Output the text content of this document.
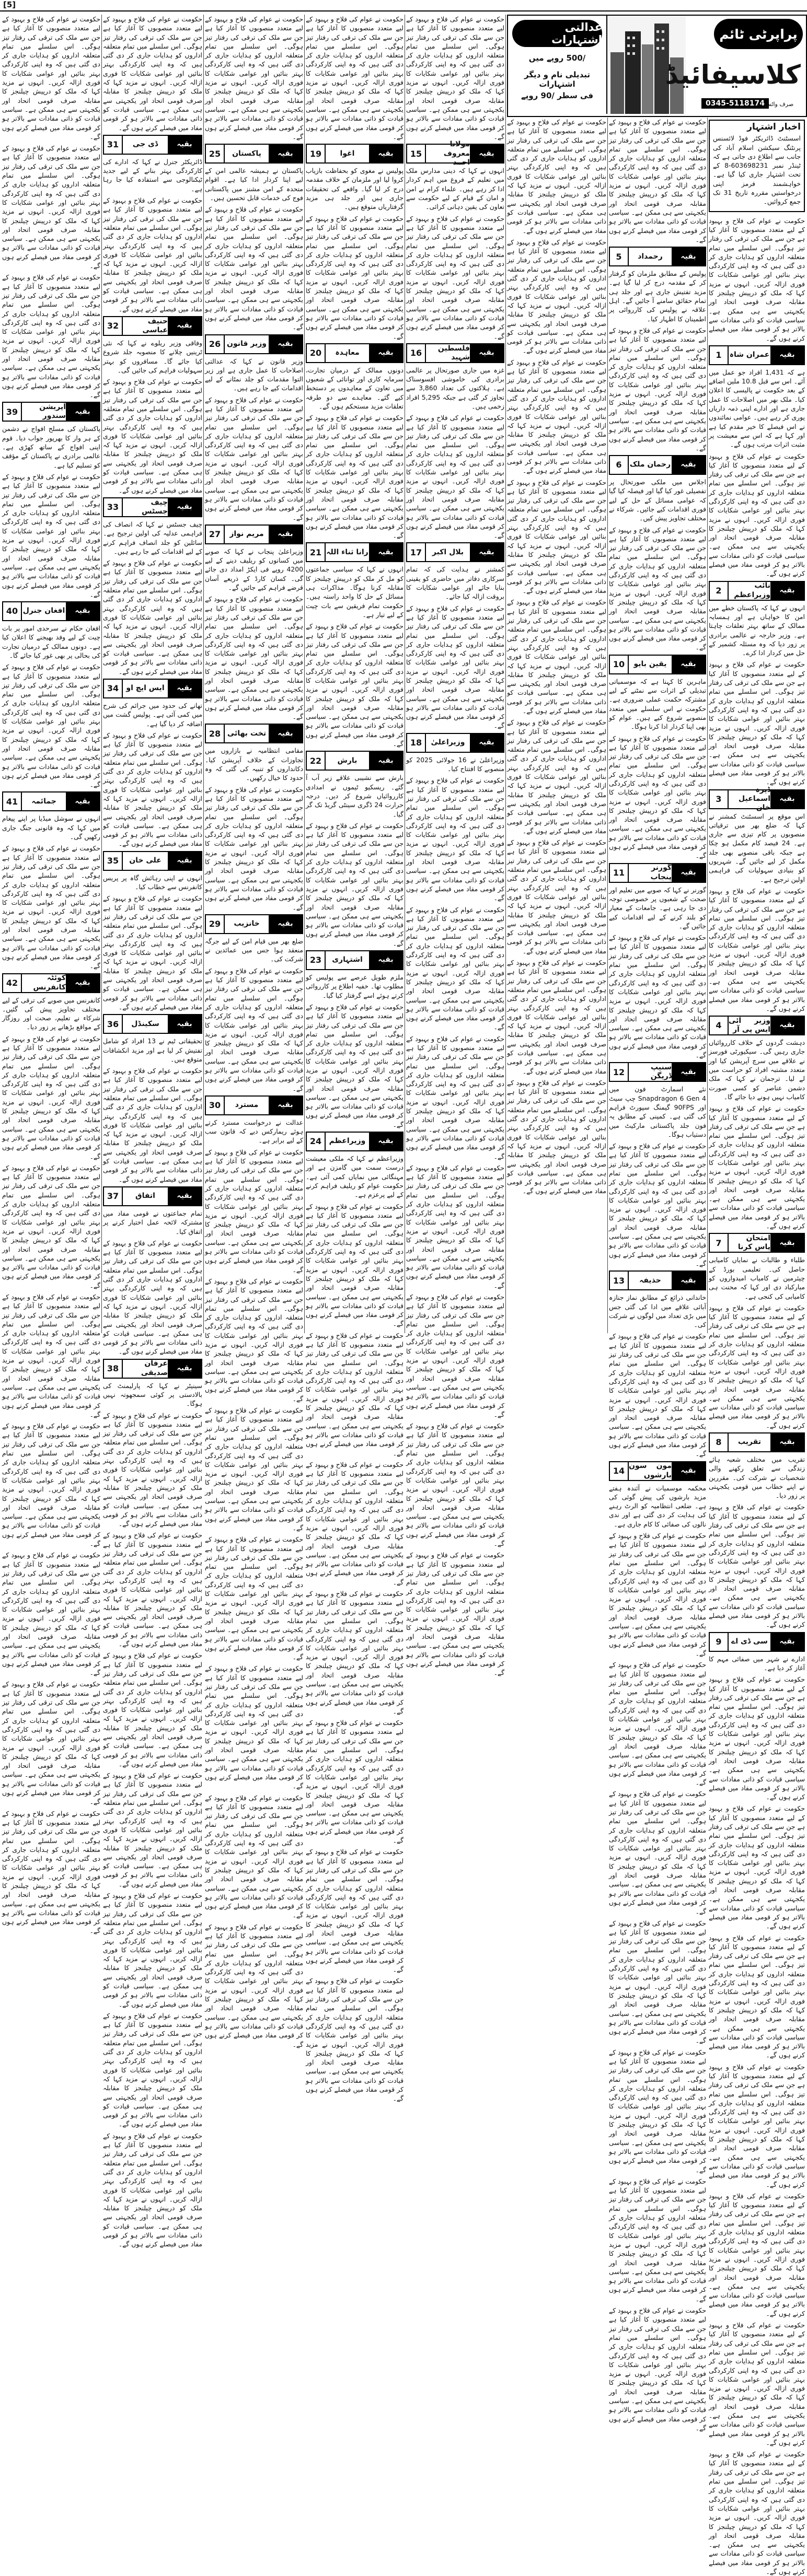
[5]
عدالتی اشتہارات
/500 روپے میں
تبدیلی نام و دیگر اشتہارات
فی سطر /90 روپے
پراپرٹی ٹائم
کلاسیفائیڈ
0345-5118174
صرف واٹس ایپ
اخبار اشتہار

اسسٹنٹ ڈائریکٹر فوڈ لائسنس پرنٹنگ سیکشن اسلام آباد کی جانب سے اطلاع دی جاتی ہے کہ ٹینڈر نمبر 603698231-8 کے تحت اشتہار جاری کیا گیا ہے۔ خواہشمند فرمز اپنی درخواستیں مقررہ تاریخ 31 تک جمع کروائیں۔

حکومت نے عوام کی فلاح و بہبود کے لیے متعدد منصوبوں کا آغاز کیا ہے جن سے ملک کی ترقی کی رفتار تیز ہوگی۔ اس سلسلے میں تمام متعلقہ اداروں کو ہدایات جاری کر دی گئی ہیں کہ وہ اپنی کارکردگی بہتر بنائیں اور عوامی شکایات کا فوری ازالہ کریں۔ انہوں نے مزید کہا کہ ملک کو درپیش چیلنجز کا مقابلہ صرف قومی اتحاد اور یکجہتی سے ہی ممکن ہے۔ سیاسی قیادت کو ذاتی مفادات سے بالاتر ہو کر قومی مفاد میں فیصلے کرنے ہوں گے۔

1	عمران شاہ	بقیہ

ہے کہ 1,431 افراد جو عمل میں آئے۔ اس سے قبل 10.8 ملین اضافے کے بعد حکومت نے پالیسی کا اعلان کیا۔ ملک بھر میں اصلاحات کا عمل جاری ہے اور ادارے اپنی ذمہ داریاں پوری کر رہے ہیں۔ عوامی نمائندوں نے اس فیصلے کا خیر مقدم کیا ہے اور کہا ہے کہ اس سے معیشت پر مثبت اثرات مرتب ہوں گے۔

حکومت نے عوام کی فلاح و بہبود کے لیے متعدد منصوبوں کا آغاز کیا ہے جن سے ملک کی ترقی کی رفتار تیز ہوگی۔ اس سلسلے میں تمام متعلقہ اداروں کو ہدایات جاری کر دی گئی ہیں کہ وہ اپنی کارکردگی بہتر بنائیں اور عوامی شکایات کا فوری ازالہ کریں۔ انہوں نے مزید کہا کہ ملک کو درپیش چیلنجز کا مقابلہ صرف قومی اتحاد اور یکجہتی سے ہی ممکن ہے۔ سیاسی قیادت کو ذاتی مفادات سے بالاتر ہو کر قومی مفاد میں فیصلے کرنے ہوں گے۔

2	نائب وزیراعظم
بقیہ

انہوں نے کہا کہ پاکستان خطے میں امن کا خواہاں ہے اور ہمسایہ ممالک کے ساتھ بہتر تعلقات چاہتا ہے۔ وزیر خارجہ نے عالمی برادری پر زور دیا کہ وہ مسئلہ کشمیر کے حل میں کردار ادا کرے۔

حکومت نے عوام کی فلاح و بہبود کے لیے متعدد منصوبوں کا آغاز کیا ہے جن سے ملک کی ترقی کی رفتار تیز ہوگی۔ اس سلسلے میں تمام متعلقہ اداروں کو ہدایات جاری کر دی گئی ہیں کہ وہ اپنی کارکردگی بہتر بنائیں اور عوامی شکایات کا فوری ازالہ کریں۔ انہوں نے مزید کہا کہ ملک کو درپیش چیلنجز کا مقابلہ صرف قومی اتحاد اور یکجہتی سے ہی ممکن ہے۔ سیاسی قیادت کو ذاتی مفادات سے بالاتر ہو کر قومی مفاد میں فیصلے کرنے ہوں گے۔

3
ڈیرہ اسماعیل خان
بقیہ

اس موقع پر اسسٹنٹ کمشنر نے کہا کہ ضلع بھر میں ترقیاتی منصوبوں پر کام تیزی سے جاری ہے۔ 24 فیصد کام مکمل ہو چکا ہے جبکہ باقی منصوبے بھی جلد مکمل کر لیے جائیں گے۔ شہریوں کو بنیادی سہولیات کی فراہمی اولین ترجیح ہے۔

حکومت نے عوام کی فلاح و بہبود کے لیے متعدد منصوبوں کا آغاز کیا ہے جن سے ملک کی ترقی کی رفتار تیز ہوگی۔ اس سلسلے میں تمام متعلقہ اداروں کو ہدایات جاری کر دی گئی ہیں کہ وہ اپنی کارکردگی بہتر بنائیں اور عوامی شکایات کا فوری ازالہ کریں۔ انہوں نے مزید کہا کہ ملک کو درپیش چیلنجز کا مقابلہ صرف قومی اتحاد اور یکجہتی سے ہی ممکن ہے۔ سیاسی قیادت کو ذاتی مفادات سے بالاتر ہو کر قومی مفاد میں فیصلے کرنے ہوں گے۔

4 وزیر آئی ایس پی آر
بقیہ

دہشت گردوں کے خلاف کارروائیاں جاری رہیں گی۔ سیکیورٹی فورسز نے علاقے میں سرچ آپریشن کیا اور متعدد مشتبہ افراد کو حراست میں لے لیا۔ ترجمان نے کہا کہ ملک دشمن عناصر کو کسی صورت کامیاب نہیں ہونے دیا جائے گا۔

حکومت نے عوام کی فلاح و بہبود کے لیے متعدد منصوبوں کا آغاز کیا ہے جن سے ملک کی ترقی کی رفتار تیز ہوگی۔ اس سلسلے میں تمام متعلقہ اداروں کو ہدایات جاری کر دی گئی ہیں کہ وہ اپنی کارکردگی بہتر بنائیں اور عوامی شکایات کا فوری ازالہ کریں۔ انہوں نے مزید کہا کہ ملک کو درپیش چیلنجز کا مقابلہ صرف قومی اتحاد اور یکجہتی سے ہی ممکن ہے۔ سیاسی قیادت کو ذاتی مفادات سے بالاتر ہو کر قومی مفاد میں فیصلے کرنے ہوں گے۔

7	امتحان پاس کرنا
بقیہ

طلباء و طالبات نے نمایاں کامیابی حاصل کی۔ تعلیمی بورڈ کے چیئرمین نے کامیاب امیدواروں کو مبارکباد دی اور کہا کہ محنت ہی کامیابی کی کنجی ہے۔

حکومت نے عوام کی فلاح و بہبود کے لیے متعدد منصوبوں کا آغاز کیا ہے جن سے ملک کی ترقی کی رفتار تیز ہوگی۔ اس سلسلے میں تمام متعلقہ اداروں کو ہدایات جاری کر دی گئی ہیں کہ وہ اپنی کارکردگی بہتر بنائیں اور عوامی شکایات کا فوری ازالہ کریں۔ انہوں نے مزید کہا کہ ملک کو درپیش چیلنجز کا مقابلہ صرف قومی اتحاد اور یکجہتی سے ہی ممکن ہے۔ سیاسی قیادت کو ذاتی مفادات سے بالاتر ہو کر قومی مفاد میں فیصلے کرنے ہوں گے۔

8	تقریب	بقیہ

تقریب میں مختلف شعبہ ہائے زندگی سے تعلق رکھنے والی شخصیات نے شرکت کی۔ مقررین نے اپنے خطاب میں قومی یکجہتی پر زور دیا۔

حکومت نے عوام کی فلاح و بہبود کے لیے متعدد منصوبوں کا آغاز کیا ہے جن سے ملک کی ترقی کی رفتار تیز ہوگی۔ اس سلسلے میں تمام متعلقہ اداروں کو ہدایات جاری کر دی گئی ہیں کہ وہ اپنی کارکردگی بہتر بنائیں اور عوامی شکایات کا فوری ازالہ کریں۔ انہوں نے مزید کہا کہ ملک کو درپیش چیلنجز کا مقابلہ صرف قومی اتحاد اور یکجہتی سے ہی ممکن ہے۔ سیاسی قیادت کو ذاتی مفادات سے بالاتر ہو کر قومی مفاد میں فیصلے کرنے ہوں گے۔

9	سی ڈی اے	بقیہ

ادارے نے شہر میں صفائی مہم کا آغاز کر دیا ہے۔

حکومت نے عوام کی فلاح و بہبود کے لیے متعدد منصوبوں کا آغاز کیا ہے جن سے ملک کی ترقی کی رفتار تیز ہوگی۔ اس سلسلے میں تمام متعلقہ اداروں کو ہدایات جاری کر دی گئی ہیں کہ وہ اپنی کارکردگی بہتر بنائیں اور عوامی شکایات کا فوری ازالہ کریں۔ انہوں نے مزید کہا کہ ملک کو درپیش چیلنجز کا مقابلہ صرف قومی اتحاد اور یکجہتی سے ہی ممکن ہے۔ سیاسی قیادت کو ذاتی مفادات سے بالاتر ہو کر قومی مفاد میں فیصلے کرنے ہوں گے۔

حکومت نے عوام کی فلاح و بہبود کے لیے متعدد منصوبوں کا آغاز کیا ہے جن سے ملک کی ترقی کی رفتار تیز ہوگی۔ اس سلسلے میں تمام متعلقہ اداروں کو ہدایات جاری کر دی گئی ہیں کہ وہ اپنی کارکردگی بہتر بنائیں اور عوامی شکایات کا فوری ازالہ کریں۔ انہوں نے مزید کہا کہ ملک کو درپیش چیلنجز کا مقابلہ صرف قومی اتحاد اور یکجہتی سے ہی ممکن ہے۔ سیاسی قیادت کو ذاتی مفادات سے بالاتر ہو کر قومی مفاد میں فیصلے کرنے ہوں گے۔

حکومت نے عوام کی فلاح و بہبود کے لیے متعدد منصوبوں کا آغاز کیا ہے جن سے ملک کی ترقی کی رفتار تیز ہوگی۔ اس سلسلے میں تمام متعلقہ اداروں کو ہدایات جاری کر دی گئی ہیں کہ وہ اپنی کارکردگی بہتر بنائیں اور عوامی شکایات کا فوری ازالہ کریں۔ انہوں نے مزید کہا کہ ملک کو درپیش چیلنجز کا مقابلہ صرف قومی اتحاد اور یکجہتی سے ہی ممکن ہے۔ سیاسی قیادت کو ذاتی مفادات سے بالاتر ہو کر قومی مفاد میں فیصلے کرنے ہوں گے۔

حکومت نے عوام کی فلاح و بہبود کے لیے متعدد منصوبوں کا آغاز کیا ہے جن سے ملک کی ترقی کی رفتار تیز ہوگی۔ اس سلسلے میں تمام متعلقہ اداروں کو ہدایات جاری کر دی گئی ہیں کہ وہ اپنی کارکردگی بہتر بنائیں اور عوامی شکایات کا فوری ازالہ کریں۔ انہوں نے مزید کہا کہ ملک کو درپیش چیلنجز کا مقابلہ صرف قومی اتحاد اور یکجہتی سے ہی ممکن ہے۔ سیاسی قیادت کو ذاتی مفادات سے بالاتر ہو کر قومی مفاد میں فیصلے کرنے ہوں گے۔

حکومت نے عوام کی فلاح و بہبود کے لیے متعدد منصوبوں کا آغاز کیا ہے جن سے ملک کی ترقی کی رفتار تیز ہوگی۔ اس سلسلے میں تمام متعلقہ اداروں کو ہدایات جاری کر دی گئی ہیں کہ وہ اپنی کارکردگی بہتر بنائیں اور عوامی شکایات کا فوری ازالہ کریں۔ انہوں نے مزید کہا کہ ملک کو درپیش چیلنجز کا مقابلہ صرف قومی اتحاد اور یکجہتی سے ہی ممکن ہے۔ سیاسی قیادت کو ذاتی مفادات سے بالاتر ہو کر قومی مفاد میں فیصلے کرنے ہوں گے۔

حکومت نے عوام کی فلاح و بہبود کے لیے متعدد منصوبوں کا آغاز کیا ہے جن سے ملک کی ترقی کی رفتار تیز ہوگی۔ اس سلسلے میں تمام متعلقہ اداروں کو ہدایات جاری کر دی گئی ہیں کہ وہ اپنی کارکردگی بہتر بنائیں اور عوامی شکایات کا فوری ازالہ کریں۔ انہوں نے مزید کہا کہ ملک کو درپیش چیلنجز کا مقابلہ صرف قومی اتحاد اور یکجہتی سے ہی ممکن ہے۔ سیاسی قیادت کو ذاتی مفادات سے بالاتر ہو کر قومی مفاد میں فیصلے کرنے ہوں گے۔

حکومت نے عوام کی فلاح و بہبود کے لیے متعدد منصوبوں کا آغاز کیا ہے جن سے ملک کی ترقی کی رفتار تیز ہوگی۔ اس سلسلے میں تمام متعلقہ اداروں کو ہدایات جاری کر دی گئی ہیں کہ وہ اپنی کارکردگی بہتر بنائیں اور عوامی شکایات کا فوری ازالہ کریں۔ انہوں نے مزید کہا کہ ملک کو درپیش چیلنجز کا مقابلہ صرف قومی اتحاد اور یکجہتی سے ہی ممکن ہے۔ سیاسی قیادت کو ذاتی مفادات سے بالاتر ہو کر قومی مفاد میں فیصلے کرنے ہوں گے۔

حکومت نے عوام کی فلاح و بہبود کے لیے متعدد منصوبوں کا آغاز کیا ہے جن سے ملک کی ترقی کی رفتار تیز ہوگی۔ اس سلسلے میں تمام متعلقہ اداروں کو ہدایات جاری کر دی گئی ہیں کہ وہ اپنی کارکردگی بہتر بنائیں اور عوامی شکایات کا فوری ازالہ کریں۔ انہوں نے مزید کہا کہ ملک کو درپیش چیلنجز کا مقابلہ صرف قومی اتحاد اور یکجہتی سے ہی ممکن ہے۔ سیاسی قیادت کو ذاتی مفادات سے بالاتر ہو کر قومی مفاد میں فیصلے کرنے ہوں گے۔

5	رحمداد	بقیہ

پولیس کے مطابق ملزمان کو گرفتار کر کے مقدمہ درج کر لیا گیا ہے۔ مزید تفتیش جاری ہے اور جلد ہی تمام حقائق سامنے آ جائیں گے۔ اہل علاقہ نے پولیس کی کارروائی پر اطمینان کا اظہار کیا۔

حکومت نے عوام کی فلاح و بہبود کے لیے متعدد منصوبوں کا آغاز کیا ہے جن سے ملک کی ترقی کی رفتار تیز ہوگی۔ اس سلسلے میں تمام متعلقہ اداروں کو ہدایات جاری کر دی گئی ہیں کہ وہ اپنی کارکردگی بہتر بنائیں اور عوامی شکایات کا فوری ازالہ کریں۔ انہوں نے مزید کہا کہ ملک کو درپیش چیلنجز کا مقابلہ صرف قومی اتحاد اور یکجہتی سے ہی ممکن ہے۔ سیاسی قیادت کو ذاتی مفادات سے بالاتر ہو کر قومی مفاد میں فیصلے کرنے ہوں گے۔

6	رحمان ملک	بقیہ

اجلاس میں ملکی صورتحال پر تفصیلی غور کیا گیا اور فیصلہ کیا گیا کہ عوامی مسائل کے حل کے لیے فوری اقدامات کیے جائیں۔ شرکاء نے مختلف تجاویز پیش کیں۔

حکومت نے عوام کی فلاح و بہبود کے لیے متعدد منصوبوں کا آغاز کیا ہے جن سے ملک کی ترقی کی رفتار تیز ہوگی۔ اس سلسلے میں تمام متعلقہ اداروں کو ہدایات جاری کر دی گئی ہیں کہ وہ اپنی کارکردگی بہتر بنائیں اور عوامی شکایات کا فوری ازالہ کریں۔ انہوں نے مزید کہا کہ ملک کو درپیش چیلنجز کا مقابلہ صرف قومی اتحاد اور یکجہتی سے ہی ممکن ہے۔ سیاسی قیادت کو ذاتی مفادات سے بالاتر ہو کر قومی مفاد میں فیصلے کرنے ہوں گے۔

10	یقین بایو	بقیہ

ماہرین کا کہنا ہے کہ موسمیاتی تبدیلی کے اثرات سے نمٹنے کے لیے مشترکہ حکمت عملی ضروری ہے۔ حکومت نے اس سلسلے میں متعدد منصوبے شروع کیے ہیں۔ عوام کو بھی اپنا کردار ادا کرنا ہوگا۔

حکومت نے عوام کی فلاح و بہبود کے لیے متعدد منصوبوں کا آغاز کیا ہے جن سے ملک کی ترقی کی رفتار تیز ہوگی۔ اس سلسلے میں تمام متعلقہ اداروں کو ہدایات جاری کر دی گئی ہیں کہ وہ اپنی کارکردگی بہتر بنائیں اور عوامی شکایات کا فوری ازالہ کریں۔ انہوں نے مزید کہا کہ ملک کو درپیش چیلنجز کا مقابلہ صرف قومی اتحاد اور یکجہتی سے ہی ممکن ہے۔ سیاسی قیادت کو ذاتی مفادات سے بالاتر ہو کر قومی مفاد میں فیصلے کرنے ہوں گے۔

11	گورنر پنجاب
بقیہ

گورنر نے کہا کہ صوبے میں تعلیم اور صحت کے شعبوں پر خصوصی توجہ دی جا رہی ہے۔ جامعات کے معیار کو بلند کرنے کے لیے اقدامات کیے جائیں گے۔

حکومت نے عوام کی فلاح و بہبود کے لیے متعدد منصوبوں کا آغاز کیا ہے جن سے ملک کی ترقی کی رفتار تیز ہوگی۔ اس سلسلے میں تمام متعلقہ اداروں کو ہدایات جاری کر دی گئی ہیں کہ وہ اپنی کارکردگی بہتر بنائیں اور عوامی شکایات کا فوری ازالہ کریں۔ انہوں نے مزید کہا کہ ملک کو درپیش چیلنجز کا مقابلہ صرف قومی اتحاد اور یکجہتی سے ہی ممکن ہے۔ سیاسی قیادت کو ذاتی مفادات سے بالاتر ہو کر قومی مفاد میں فیصلے کرنے ہوں گے۔

12	سنیپ ڈریگن
بقیہ

نئے اسمارٹ فون میں Snapdragon 6 Gen 4 چپ سیٹ اور 90FPS گیمنگ سپورٹ فراہم کی گئی ہے۔ کمپنی کے مطابق یہ فون جلد پاکستانی مارکیٹ میں دستیاب ہوگا۔

حکومت نے عوام کی فلاح و بہبود کے لیے متعدد منصوبوں کا آغاز کیا ہے جن سے ملک کی ترقی کی رفتار تیز ہوگی۔ اس سلسلے میں تمام متعلقہ اداروں کو ہدایات جاری کر دی گئی ہیں کہ وہ اپنی کارکردگی بہتر بنائیں اور عوامی شکایات کا فوری ازالہ کریں۔ انہوں نے مزید کہا کہ ملک کو درپیش چیلنجز کا مقابلہ صرف قومی اتحاد اور یکجہتی سے ہی ممکن ہے۔ سیاسی قیادت کو ذاتی مفادات سے بالاتر ہو کر قومی مفاد میں فیصلے کرنے ہوں گے۔

13	حذیفہ	بقیہ

خاندانی ذرائع کے مطابق نماز جنازہ آبائی علاقے میں ادا کی گئی جس میں بڑی تعداد میں لوگوں نے شرکت کی۔

حکومت نے عوام کی فلاح و بہبود کے لیے متعدد منصوبوں کا آغاز کیا ہے جن سے ملک کی ترقی کی رفتار تیز ہوگی۔ اس سلسلے میں تمام متعلقہ اداروں کو ہدایات جاری کر دی گئی ہیں کہ وہ اپنی کارکردگی بہتر بنائیں اور عوامی شکایات کا فوری ازالہ کریں۔ انہوں نے مزید کہا کہ ملک کو درپیش چیلنجز کا مقابلہ صرف قومی اتحاد اور یکجہتی سے ہی ممکن ہے۔ سیاسی قیادت کو ذاتی مفادات سے بالاتر ہو کر قومی مفاد میں فیصلے کرنے ہوں گے۔

14 مون سون بارشوں
بقیہ

محکمہ موسمیات نے آئندہ ہفتے مزید بارشوں کی پیش گوئی کی ہے۔ ضلعی انتظامیہ کو الرٹ رہنے کی ہدایت کر دی گئی ہے اور ندی نالوں کی صفائی کا کام جاری ہے۔

حکومت نے عوام کی فلاح و بہبود کے لیے متعدد منصوبوں کا آغاز کیا ہے جن سے ملک کی ترقی کی رفتار تیز ہوگی۔ اس سلسلے میں تمام متعلقہ اداروں کو ہدایات جاری کر دی گئی ہیں کہ وہ اپنی کارکردگی بہتر بنائیں اور عوامی شکایات کا فوری ازالہ کریں۔ انہوں نے مزید کہا کہ ملک کو درپیش چیلنجز کا مقابلہ صرف قومی اتحاد اور یکجہتی سے ہی ممکن ہے۔ سیاسی قیادت کو ذاتی مفادات سے بالاتر ہو کر قومی مفاد میں فیصلے کرنے ہوں گے۔

حکومت نے عوام کی فلاح و بہبود کے لیے متعدد منصوبوں کا آغاز کیا ہے جن سے ملک کی ترقی کی رفتار تیز ہوگی۔ اس سلسلے میں تمام متعلقہ اداروں کو ہدایات جاری کر دی گئی ہیں کہ وہ اپنی کارکردگی بہتر بنائیں اور عوامی شکایات کا فوری ازالہ کریں۔ انہوں نے مزید کہا کہ ملک کو درپیش چیلنجز کا مقابلہ صرف قومی اتحاد اور یکجہتی سے ہی ممکن ہے۔ سیاسی قیادت کو ذاتی مفادات سے بالاتر ہو کر قومی مفاد میں فیصلے کرنے ہوں گے۔

حکومت نے عوام کی فلاح و بہبود کے لیے متعدد منصوبوں کا آغاز کیا ہے جن سے ملک کی ترقی کی رفتار تیز ہوگی۔ اس سلسلے میں تمام متعلقہ اداروں کو ہدایات جاری کر دی گئی ہیں کہ وہ اپنی کارکردگی بہتر بنائیں اور عوامی شکایات کا فوری ازالہ کریں۔ انہوں نے مزید کہا کہ ملک کو درپیش چیلنجز کا مقابلہ صرف قومی اتحاد اور یکجہتی سے ہی ممکن ہے۔ سیاسی قیادت کو ذاتی مفادات سے بالاتر ہو کر قومی مفاد میں فیصلے کرنے ہوں گے۔

حکومت نے عوام کی فلاح و بہبود کے لیے متعدد منصوبوں کا آغاز کیا ہے جن سے ملک کی ترقی کی رفتار تیز ہوگی۔ اس سلسلے میں تمام متعلقہ اداروں کو ہدایات جاری کر دی گئی ہیں کہ وہ اپنی کارکردگی بہتر بنائیں اور عوامی شکایات کا فوری ازالہ کریں۔ انہوں نے مزید کہا کہ ملک کو درپیش چیلنجز کا مقابلہ صرف قومی اتحاد اور یکجہتی سے ہی ممکن ہے۔ سیاسی قیادت کو ذاتی مفادات سے بالاتر ہو کر قومی مفاد میں فیصلے کرنے ہوں گے۔

حکومت نے عوام کی فلاح و بہبود کے لیے متعدد منصوبوں کا آغاز کیا ہے جن سے ملک کی ترقی کی رفتار تیز ہوگی۔ اس سلسلے میں تمام متعلقہ اداروں کو ہدایات جاری کر دی گئی ہیں کہ وہ اپنی کارکردگی بہتر بنائیں اور عوامی شکایات کا فوری ازالہ کریں۔ انہوں نے مزید کہا کہ ملک کو درپیش چیلنجز کا مقابلہ صرف قومی اتحاد اور یکجہتی سے ہی ممکن ہے۔ سیاسی قیادت کو ذاتی مفادات سے بالاتر ہو کر قومی مفاد میں فیصلے کرنے ہوں گے۔

حکومت نے عوام کی فلاح و بہبود کے لیے متعدد منصوبوں کا آغاز کیا ہے جن سے ملک کی ترقی کی رفتار تیز ہوگی۔ اس سلسلے میں تمام متعلقہ اداروں کو ہدایات جاری کر دی گئی ہیں کہ وہ اپنی کارکردگی بہتر بنائیں اور عوامی شکایات کا فوری ازالہ کریں۔ انہوں نے مزید کہا کہ ملک کو درپیش چیلنجز کا مقابلہ صرف قومی اتحاد اور یکجہتی سے ہی ممکن ہے۔ سیاسی قیادت کو ذاتی مفادات سے بالاتر ہو کر قومی مفاد میں فیصلے کرنے ہوں گے۔

حکومت نے عوام کی فلاح و بہبود کے لیے متعدد منصوبوں کا آغاز کیا ہے جن سے ملک کی ترقی کی رفتار تیز ہوگی۔ اس سلسلے میں تمام متعلقہ اداروں کو ہدایات جاری کر دی گئی ہیں کہ وہ اپنی کارکردگی بہتر بنائیں اور عوامی شکایات کا فوری ازالہ کریں۔ انہوں نے مزید کہا کہ ملک کو درپیش چیلنجز کا مقابلہ صرف قومی اتحاد اور یکجہتی سے ہی ممکن ہے۔ سیاسی قیادت کو ذاتی مفادات سے بالاتر ہو کر قومی مفاد میں فیصلے کرنے ہوں گے۔

حکومت نے عوام کی فلاح و بہبود کے لیے متعدد منصوبوں کا آغاز کیا ہے جن سے ملک کی ترقی کی رفتار تیز ہوگی۔ اس سلسلے میں تمام متعلقہ اداروں کو ہدایات جاری کر دی گئی ہیں کہ وہ اپنی کارکردگی بہتر بنائیں اور عوامی شکایات کا فوری ازالہ کریں۔ انہوں نے مزید کہا کہ ملک کو درپیش چیلنجز کا مقابلہ صرف قومی اتحاد اور یکجہتی سے ہی ممکن ہے۔ سیاسی قیادت کو ذاتی مفادات سے بالاتر ہو کر قومی مفاد میں فیصلے کرنے ہوں گے۔

حکومت نے عوام کی فلاح و بہبود کے لیے متعدد منصوبوں کا آغاز کیا ہے جن سے ملک کی ترقی کی رفتار تیز ہوگی۔ اس سلسلے میں تمام متعلقہ اداروں کو ہدایات جاری کر دی گئی ہیں کہ وہ اپنی کارکردگی بہتر بنائیں اور عوامی شکایات کا فوری ازالہ کریں۔ انہوں نے مزید کہا کہ ملک کو درپیش چیلنجز کا مقابلہ صرف قومی اتحاد اور یکجہتی سے ہی ممکن ہے۔ سیاسی قیادت کو ذاتی مفادات سے بالاتر ہو کر قومی مفاد میں فیصلے کرنے ہوں گے۔

حکومت نے عوام کی فلاح و بہبود کے لیے متعدد منصوبوں کا آغاز کیا ہے جن سے ملک کی ترقی کی رفتار تیز ہوگی۔ اس سلسلے میں تمام متعلقہ اداروں کو ہدایات جاری کر دی گئی ہیں کہ وہ اپنی کارکردگی بہتر بنائیں اور عوامی شکایات کا فوری ازالہ کریں۔ انہوں نے مزید کہا کہ ملک کو درپیش چیلنجز کا مقابلہ صرف قومی اتحاد اور یکجہتی سے ہی ممکن ہے۔ سیاسی قیادت کو ذاتی مفادات سے بالاتر ہو کر قومی مفاد میں فیصلے کرنے ہوں گے۔

حکومت نے عوام کی فلاح و بہبود کے لیے متعدد منصوبوں کا آغاز کیا ہے جن سے ملک کی ترقی کی رفتار تیز ہوگی۔ اس سلسلے میں تمام متعلقہ اداروں کو ہدایات جاری کر دی گئی ہیں کہ وہ اپنی کارکردگی بہتر بنائیں اور عوامی شکایات کا فوری ازالہ کریں۔ انہوں نے مزید کہا کہ ملک کو درپیش چیلنجز کا مقابلہ صرف قومی اتحاد اور یکجہتی سے ہی ممکن ہے۔ سیاسی قیادت کو ذاتی مفادات سے بالاتر ہو کر قومی مفاد میں فیصلے کرنے ہوں گے۔

حکومت نے عوام کی فلاح و بہبود کے لیے متعدد منصوبوں کا آغاز کیا ہے جن سے ملک کی ترقی کی رفتار تیز ہوگی۔ اس سلسلے میں تمام متعلقہ اداروں کو ہدایات جاری کر دی گئی ہیں کہ وہ اپنی کارکردگی بہتر بنائیں اور عوامی شکایات کا فوری ازالہ کریں۔ انہوں نے مزید کہا کہ ملک کو درپیش چیلنجز کا مقابلہ صرف قومی اتحاد اور یکجہتی سے ہی ممکن ہے۔ سیاسی قیادت کو ذاتی مفادات سے بالاتر ہو کر قومی مفاد میں فیصلے کرنے ہوں گے۔

حکومت نے عوام کی فلاح و بہبود کے لیے متعدد منصوبوں کا آغاز کیا ہے جن سے ملک کی ترقی کی رفتار تیز ہوگی۔ اس سلسلے میں تمام متعلقہ اداروں کو ہدایات جاری کر دی گئی ہیں کہ وہ اپنی کارکردگی بہتر بنائیں اور عوامی شکایات کا فوری ازالہ کریں۔ انہوں نے مزید کہا کہ ملک کو درپیش چیلنجز کا مقابلہ صرف قومی اتحاد اور یکجہتی سے ہی ممکن ہے۔ سیاسی قیادت کو ذاتی مفادات سے بالاتر ہو کر قومی مفاد میں فیصلے کرنے ہوں گے۔

حکومت نے عوام کی فلاح و بہبود کے لیے متعدد منصوبوں کا آغاز کیا ہے جن سے ملک کی ترقی کی رفتار تیز ہوگی۔ اس سلسلے میں تمام متعلقہ اداروں کو ہدایات جاری کر دی گئی ہیں کہ وہ اپنی کارکردگی بہتر بنائیں اور عوامی شکایات کا فوری ازالہ کریں۔ انہوں نے مزید کہا کہ ملک کو درپیش چیلنجز کا مقابلہ صرف قومی اتحاد اور یکجہتی سے ہی ممکن ہے۔ سیاسی قیادت کو ذاتی مفادات سے بالاتر ہو کر قومی مفاد میں فیصلے کرنے ہوں گے۔

حکومت نے عوام کی فلاح و بہبود کے لیے متعدد منصوبوں کا آغاز کیا ہے جن سے ملک کی ترقی کی رفتار تیز ہوگی۔ اس سلسلے میں تمام متعلقہ اداروں کو ہدایات جاری کر دی گئی ہیں کہ وہ اپنی کارکردگی بہتر بنائیں اور عوامی شکایات کا فوری ازالہ کریں۔ انہوں نے مزید کہا کہ ملک کو درپیش چیلنجز کا مقابلہ صرف قومی اتحاد اور یکجہتی سے ہی ممکن ہے۔ سیاسی قیادت کو ذاتی مفادات سے بالاتر ہو کر قومی مفاد میں فیصلے کرنے ہوں گے۔

حکومت نے عوام کی فلاح و بہبود کے لیے متعدد منصوبوں کا آغاز کیا ہے جن سے ملک کی ترقی کی رفتار تیز ہوگی۔ اس سلسلے میں تمام متعلقہ اداروں کو ہدایات جاری کر دی گئی ہیں کہ وہ اپنی کارکردگی بہتر بنائیں اور عوامی شکایات کا فوری ازالہ کریں۔ انہوں نے مزید کہا کہ ملک کو درپیش چیلنجز کا مقابلہ صرف قومی اتحاد اور یکجہتی سے ہی ممکن ہے۔ سیاسی قیادت کو ذاتی مفادات سے بالاتر ہو کر قومی مفاد میں فیصلے کرنے ہوں گے۔

حکومت نے عوام کی فلاح و بہبود کے لیے متعدد منصوبوں کا آغاز کیا ہے جن سے ملک کی ترقی کی رفتار تیز ہوگی۔ اس سلسلے میں تمام متعلقہ اداروں کو ہدایات جاری کر دی گئی ہیں کہ وہ اپنی کارکردگی بہتر بنائیں اور عوامی شکایات کا فوری ازالہ کریں۔ انہوں نے مزید کہا کہ ملک کو درپیش چیلنجز کا مقابلہ صرف قومی اتحاد اور یکجہتی سے ہی ممکن ہے۔ سیاسی قیادت کو ذاتی مفادات سے بالاتر ہو کر قومی مفاد میں فیصلے کرنے ہوں گے۔

15
مولانا معروف احمد
بقیہ

انہوں نے کہا کہ دینی مدارس ملک میں تعلیم کے فروغ میں اہم کردار ادا کر رہے ہیں۔ علماء کرام نے امن و امان کے قیام کے لیے حکومت سے تعاون کی یقین دہانی کرائی۔

حکومت نے عوام کی فلاح و بہبود کے لیے متعدد منصوبوں کا آغاز کیا ہے جن سے ملک کی ترقی کی رفتار تیز ہوگی۔ اس سلسلے میں تمام متعلقہ اداروں کو ہدایات جاری کر دی گئی ہیں کہ وہ اپنی کارکردگی بہتر بنائیں اور عوامی شکایات کا فوری ازالہ کریں۔ انہوں نے مزید کہا کہ ملک کو درپیش چیلنجز کا مقابلہ صرف قومی اتحاد اور یکجہتی سے ہی ممکن ہے۔ سیاسی قیادت کو ذاتی مفادات سے بالاتر ہو کر قومی مفاد میں فیصلے کرنے ہوں گے۔

16	فلسطین شہید
بقیہ

غزہ میں جاری صورتحال پر عالمی برادری کی خاموشی افسوسناک ہے۔ ہلاکتوں کی تعداد 3,860 سے تجاوز کر گئی ہے جبکہ 5,295 افراد زخمی ہیں۔

حکومت نے عوام کی فلاح و بہبود کے لیے متعدد منصوبوں کا آغاز کیا ہے جن سے ملک کی ترقی کی رفتار تیز ہوگی۔ اس سلسلے میں تمام متعلقہ اداروں کو ہدایات جاری کر دی گئی ہیں کہ وہ اپنی کارکردگی بہتر بنائیں اور عوامی شکایات کا فوری ازالہ کریں۔ انہوں نے مزید کہا کہ ملک کو درپیش چیلنجز کا مقابلہ صرف قومی اتحاد اور یکجہتی سے ہی ممکن ہے۔ سیاسی قیادت کو ذاتی مفادات سے بالاتر ہو کر قومی مفاد میں فیصلے کرنے ہوں گے۔

17	بلال اکبر	بقیہ

کمشنر نے ہدایت کی کہ تمام سرکاری دفاتر میں حاضری کو یقینی بنایا جائے اور عوامی شکایات کا بروقت ازالہ کیا جائے۔

حکومت نے عوام کی فلاح و بہبود کے لیے متعدد منصوبوں کا آغاز کیا ہے جن سے ملک کی ترقی کی رفتار تیز ہوگی۔ اس سلسلے میں تمام متعلقہ اداروں کو ہدایات جاری کر دی گئی ہیں کہ وہ اپنی کارکردگی بہتر بنائیں اور عوامی شکایات کا فوری ازالہ کریں۔ انہوں نے مزید کہا کہ ملک کو درپیش چیلنجز کا مقابلہ صرف قومی اتحاد اور یکجہتی سے ہی ممکن ہے۔ سیاسی قیادت کو ذاتی مفادات سے بالاتر ہو کر قومی مفاد میں فیصلے کرنے ہوں گے۔

18	وزیراعلیٰ	بقیہ

وزیراعلیٰ نے 16 جولائی 2025 کو منصوبے کا افتتاح کیا۔

حکومت نے عوام کی فلاح و بہبود کے لیے متعدد منصوبوں کا آغاز کیا ہے جن سے ملک کی ترقی کی رفتار تیز ہوگی۔ اس سلسلے میں تمام متعلقہ اداروں کو ہدایات جاری کر دی گئی ہیں کہ وہ اپنی کارکردگی بہتر بنائیں اور عوامی شکایات کا فوری ازالہ کریں۔ انہوں نے مزید کہا کہ ملک کو درپیش چیلنجز کا مقابلہ صرف قومی اتحاد اور یکجہتی سے ہی ممکن ہے۔ سیاسی قیادت کو ذاتی مفادات سے بالاتر ہو کر قومی مفاد میں فیصلے کرنے ہوں گے۔

حکومت نے عوام کی فلاح و بہبود کے لیے متعدد منصوبوں کا آغاز کیا ہے جن سے ملک کی ترقی کی رفتار تیز ہوگی۔ اس سلسلے میں تمام متعلقہ اداروں کو ہدایات جاری کر دی گئی ہیں کہ وہ اپنی کارکردگی بہتر بنائیں اور عوامی شکایات کا فوری ازالہ کریں۔ انہوں نے مزید کہا کہ ملک کو درپیش چیلنجز کا مقابلہ صرف قومی اتحاد اور یکجہتی سے ہی ممکن ہے۔ سیاسی قیادت کو ذاتی مفادات سے بالاتر ہو کر قومی مفاد میں فیصلے کرنے ہوں گے۔

حکومت نے عوام کی فلاح و بہبود کے لیے متعدد منصوبوں کا آغاز کیا ہے جن سے ملک کی ترقی کی رفتار تیز ہوگی۔ اس سلسلے میں تمام متعلقہ اداروں کو ہدایات جاری کر دی گئی ہیں کہ وہ اپنی کارکردگی بہتر بنائیں اور عوامی شکایات کا فوری ازالہ کریں۔ انہوں نے مزید کہا کہ ملک کو درپیش چیلنجز کا مقابلہ صرف قومی اتحاد اور یکجہتی سے ہی ممکن ہے۔ سیاسی قیادت کو ذاتی مفادات سے بالاتر ہو کر قومی مفاد میں فیصلے کرنے ہوں گے۔

حکومت نے عوام کی فلاح و بہبود کے لیے متعدد منصوبوں کا آغاز کیا ہے جن سے ملک کی ترقی کی رفتار تیز ہوگی۔ اس سلسلے میں تمام متعلقہ اداروں کو ہدایات جاری کر دی گئی ہیں کہ وہ اپنی کارکردگی بہتر بنائیں اور عوامی شکایات کا فوری ازالہ کریں۔ انہوں نے مزید کہا کہ ملک کو درپیش چیلنجز کا مقابلہ صرف قومی اتحاد اور یکجہتی سے ہی ممکن ہے۔ سیاسی قیادت کو ذاتی مفادات سے بالاتر ہو کر قومی مفاد میں فیصلے کرنے ہوں گے۔

حکومت نے عوام کی فلاح و بہبود کے لیے متعدد منصوبوں کا آغاز کیا ہے جن سے ملک کی ترقی کی رفتار تیز ہوگی۔ اس سلسلے میں تمام متعلقہ اداروں کو ہدایات جاری کر دی گئی ہیں کہ وہ اپنی کارکردگی بہتر بنائیں اور عوامی شکایات کا فوری ازالہ کریں۔ انہوں نے مزید کہا کہ ملک کو درپیش چیلنجز کا مقابلہ صرف قومی اتحاد اور یکجہتی سے ہی ممکن ہے۔ سیاسی قیادت کو ذاتی مفادات سے بالاتر ہو کر قومی مفاد میں فیصلے کرنے ہوں گے۔

حکومت نے عوام کی فلاح و بہبود کے لیے متعدد منصوبوں کا آغاز کیا ہے جن سے ملک کی ترقی کی رفتار تیز ہوگی۔ اس سلسلے میں تمام متعلقہ اداروں کو ہدایات جاری کر دی گئی ہیں کہ وہ اپنی کارکردگی بہتر بنائیں اور عوامی شکایات کا فوری ازالہ کریں۔ انہوں نے مزید کہا کہ ملک کو درپیش چیلنجز کا مقابلہ صرف قومی اتحاد اور یکجہتی سے ہی ممکن ہے۔ سیاسی قیادت کو ذاتی مفادات سے بالاتر ہو کر قومی مفاد میں فیصلے کرنے ہوں گے۔

حکومت نے عوام کی فلاح و بہبود کے لیے متعدد منصوبوں کا آغاز کیا ہے جن سے ملک کی ترقی کی رفتار تیز ہوگی۔ اس سلسلے میں تمام متعلقہ اداروں کو ہدایات جاری کر دی گئی ہیں کہ وہ اپنی کارکردگی بہتر بنائیں اور عوامی شکایات کا فوری ازالہ کریں۔ انہوں نے مزید کہا کہ ملک کو درپیش چیلنجز کا مقابلہ صرف قومی اتحاد اور یکجہتی سے ہی ممکن ہے۔ سیاسی قیادت کو ذاتی مفادات سے بالاتر ہو کر قومی مفاد میں فیصلے کرنے ہوں گے۔

حکومت نے عوام کی فلاح و بہبود کے لیے متعدد منصوبوں کا آغاز کیا ہے جن سے ملک کی ترقی کی رفتار تیز ہوگی۔ اس سلسلے میں تمام متعلقہ اداروں کو ہدایات جاری کر دی گئی ہیں کہ وہ اپنی کارکردگی بہتر بنائیں اور عوامی شکایات کا فوری ازالہ کریں۔ انہوں نے مزید کہا کہ ملک کو درپیش چیلنجز کا مقابلہ صرف قومی اتحاد اور یکجہتی سے ہی ممکن ہے۔ سیاسی قیادت کو ذاتی مفادات سے بالاتر ہو کر قومی مفاد میں فیصلے کرنے ہوں گے۔

19	اغوا	بقیہ

پولیس نے مغوی کو بحفاظت بازیاب کروا لیا اور ملزمان کے خلاف مقدمہ درج کر لیا گیا۔ واقعے کی تحقیقات جاری ہیں اور جلد ہی مزید گرفتاریاں متوقع ہیں۔

حکومت نے عوام کی فلاح و بہبود کے لیے متعدد منصوبوں کا آغاز کیا ہے جن سے ملک کی ترقی کی رفتار تیز ہوگی۔ اس سلسلے میں تمام متعلقہ اداروں کو ہدایات جاری کر دی گئی ہیں کہ وہ اپنی کارکردگی بہتر بنائیں اور عوامی شکایات کا فوری ازالہ کریں۔ انہوں نے مزید کہا کہ ملک کو درپیش چیلنجز کا مقابلہ صرف قومی اتحاد اور یکجہتی سے ہی ممکن ہے۔ سیاسی قیادت کو ذاتی مفادات سے بالاتر ہو کر قومی مفاد میں فیصلے کرنے ہوں گے۔

20	معاہدہ	بقیہ

دونوں ممالک کے درمیان تجارت، سرمایہ کاری اور توانائی کے شعبوں میں تعاون کے معاہدوں پر دستخط کیے گئے۔ معاہدے سے دو طرفہ تعلقات مزید مستحکم ہوں گے۔

حکومت نے عوام کی فلاح و بہبود کے لیے متعدد منصوبوں کا آغاز کیا ہے جن سے ملک کی ترقی کی رفتار تیز ہوگی۔ اس سلسلے میں تمام متعلقہ اداروں کو ہدایات جاری کر دی گئی ہیں کہ وہ اپنی کارکردگی بہتر بنائیں اور عوامی شکایات کا فوری ازالہ کریں۔ انہوں نے مزید کہا کہ ملک کو درپیش چیلنجز کا مقابلہ صرف قومی اتحاد اور یکجہتی سے ہی ممکن ہے۔ سیاسی قیادت کو ذاتی مفادات سے بالاتر ہو کر قومی مفاد میں فیصلے کرنے ہوں گے۔

21 رانا ثناء اللہ	بقیہ

انہوں نے کہا کہ سیاسی جماعتوں کو مل کر ملک کو درپیش چیلنجز کا مقابلہ کرنا ہوگا۔ مذاکرات ہی مسائل کے حل کا واحد راستہ ہیں۔ حکومت تمام فریقین سے بات چیت کے لیے تیار ہے۔

حکومت نے عوام کی فلاح و بہبود کے لیے متعدد منصوبوں کا آغاز کیا ہے جن سے ملک کی ترقی کی رفتار تیز ہوگی۔ اس سلسلے میں تمام متعلقہ اداروں کو ہدایات جاری کر دی گئی ہیں کہ وہ اپنی کارکردگی بہتر بنائیں اور عوامی شکایات کا فوری ازالہ کریں۔ انہوں نے مزید کہا کہ ملک کو درپیش چیلنجز کا مقابلہ صرف قومی اتحاد اور یکجہتی سے ہی ممکن ہے۔ سیاسی قیادت کو ذاتی مفادات سے بالاتر ہو کر قومی مفاد میں فیصلے کرنے ہوں گے۔

22	بارش	بقیہ

بارش سے نشیبی علاقے زیر آب آ گئے۔ ریسکیو ٹیموں نے امدادی کارروائیاں شروع کر دیں۔ درجہ حرارت 24 ڈگری سینٹی گریڈ تک گر گیا۔

حکومت نے عوام کی فلاح و بہبود کے لیے متعدد منصوبوں کا آغاز کیا ہے جن سے ملک کی ترقی کی رفتار تیز ہوگی۔ اس سلسلے میں تمام متعلقہ اداروں کو ہدایات جاری کر دی گئی ہیں کہ وہ اپنی کارکردگی بہتر بنائیں اور عوامی شکایات کا فوری ازالہ کریں۔ انہوں نے مزید کہا کہ ملک کو درپیش چیلنجز کا مقابلہ صرف قومی اتحاد اور یکجہتی سے ہی ممکن ہے۔ سیاسی قیادت کو ذاتی مفادات سے بالاتر ہو کر قومی مفاد میں فیصلے کرنے ہوں گے۔

23	اشتہاری	بقیہ

ملزم طویل عرصے سے پولیس کو مطلوب تھا۔ خفیہ اطلاع پر کارروائی کرتے ہوئے اسے گرفتار کیا گیا۔

حکومت نے عوام کی فلاح و بہبود کے لیے متعدد منصوبوں کا آغاز کیا ہے جن سے ملک کی ترقی کی رفتار تیز ہوگی۔ اس سلسلے میں تمام متعلقہ اداروں کو ہدایات جاری کر دی گئی ہیں کہ وہ اپنی کارکردگی بہتر بنائیں اور عوامی شکایات کا فوری ازالہ کریں۔ انہوں نے مزید کہا کہ ملک کو درپیش چیلنجز کا مقابلہ صرف قومی اتحاد اور یکجہتی سے ہی ممکن ہے۔ سیاسی قیادت کو ذاتی مفادات سے بالاتر ہو کر قومی مفاد میں فیصلے کرنے ہوں گے۔

24	وزیراعظم	بقیہ

وزیراعظم نے کہا کہ ملکی معیشت درست سمت میں گامزن ہے اور مہنگائی میں نمایاں کمی آئی ہے۔ حکومت عوام کو ریلیف فراہم کرنے کے لیے پرعزم ہے۔

حکومت نے عوام کی فلاح و بہبود کے لیے متعدد منصوبوں کا آغاز کیا ہے جن سے ملک کی ترقی کی رفتار تیز ہوگی۔ اس سلسلے میں تمام متعلقہ اداروں کو ہدایات جاری کر دی گئی ہیں کہ وہ اپنی کارکردگی بہتر بنائیں اور عوامی شکایات کا فوری ازالہ کریں۔ انہوں نے مزید کہا کہ ملک کو درپیش چیلنجز کا مقابلہ صرف قومی اتحاد اور یکجہتی سے ہی ممکن ہے۔ سیاسی قیادت کو ذاتی مفادات سے بالاتر ہو کر قومی مفاد میں فیصلے کرنے ہوں گے۔

حکومت نے عوام کی فلاح و بہبود کے لیے متعدد منصوبوں کا آغاز کیا ہے جن سے ملک کی ترقی کی رفتار تیز ہوگی۔ اس سلسلے میں تمام متعلقہ اداروں کو ہدایات جاری کر دی گئی ہیں کہ وہ اپنی کارکردگی بہتر بنائیں اور عوامی شکایات کا فوری ازالہ کریں۔ انہوں نے مزید کہا کہ ملک کو درپیش چیلنجز کا مقابلہ صرف قومی اتحاد اور یکجہتی سے ہی ممکن ہے۔ سیاسی قیادت کو ذاتی مفادات سے بالاتر ہو کر قومی مفاد میں فیصلے کرنے ہوں گے۔

حکومت نے عوام کی فلاح و بہبود کے لیے متعدد منصوبوں کا آغاز کیا ہے جن سے ملک کی ترقی کی رفتار تیز ہوگی۔ اس سلسلے میں تمام متعلقہ اداروں کو ہدایات جاری کر دی گئی ہیں کہ وہ اپنی کارکردگی بہتر بنائیں اور عوامی شکایات کا فوری ازالہ کریں۔ انہوں نے مزید کہا کہ ملک کو درپیش چیلنجز کا مقابلہ صرف قومی اتحاد اور یکجہتی سے ہی ممکن ہے۔ سیاسی قیادت کو ذاتی مفادات سے بالاتر ہو کر قومی مفاد میں فیصلے کرنے ہوں گے۔

حکومت نے عوام کی فلاح و بہبود کے لیے متعدد منصوبوں کا آغاز کیا ہے جن سے ملک کی ترقی کی رفتار تیز ہوگی۔ اس سلسلے میں تمام متعلقہ اداروں کو ہدایات جاری کر دی گئی ہیں کہ وہ اپنی کارکردگی بہتر بنائیں اور عوامی شکایات کا فوری ازالہ کریں۔ انہوں نے مزید کہا کہ ملک کو درپیش چیلنجز کا مقابلہ صرف قومی اتحاد اور یکجہتی سے ہی ممکن ہے۔ سیاسی قیادت کو ذاتی مفادات سے بالاتر ہو کر قومی مفاد میں فیصلے کرنے ہوں گے۔

حکومت نے عوام کی فلاح و بہبود کے لیے متعدد منصوبوں کا آغاز کیا ہے جن سے ملک کی ترقی کی رفتار تیز ہوگی۔ اس سلسلے میں تمام متعلقہ اداروں کو ہدایات جاری کر دی گئی ہیں کہ وہ اپنی کارکردگی بہتر بنائیں اور عوامی شکایات کا فوری ازالہ کریں۔ انہوں نے مزید کہا کہ ملک کو درپیش چیلنجز کا مقابلہ صرف قومی اتحاد اور یکجہتی سے ہی ممکن ہے۔ سیاسی قیادت کو ذاتی مفادات سے بالاتر ہو کر قومی مفاد میں فیصلے کرنے ہوں گے۔

حکومت نے عوام کی فلاح و بہبود کے لیے متعدد منصوبوں کا آغاز کیا ہے جن سے ملک کی ترقی کی رفتار تیز ہوگی۔ اس سلسلے میں تمام متعلقہ اداروں کو ہدایات جاری کر دی گئی ہیں کہ وہ اپنی کارکردگی بہتر بنائیں اور عوامی شکایات کا فوری ازالہ کریں۔ انہوں نے مزید کہا کہ ملک کو درپیش چیلنجز کا مقابلہ صرف قومی اتحاد اور یکجہتی سے ہی ممکن ہے۔ سیاسی قیادت کو ذاتی مفادات سے بالاتر ہو کر قومی مفاد میں فیصلے کرنے ہوں گے۔

حکومت نے عوام کی فلاح و بہبود کے لیے متعدد منصوبوں کا آغاز کیا ہے جن سے ملک کی ترقی کی رفتار تیز ہوگی۔ اس سلسلے میں تمام متعلقہ اداروں کو ہدایات جاری کر دی گئی ہیں کہ وہ اپنی کارکردگی بہتر بنائیں اور عوامی شکایات کا فوری ازالہ کریں۔ انہوں نے مزید کہا کہ ملک کو درپیش چیلنجز کا مقابلہ صرف قومی اتحاد اور یکجہتی سے ہی ممکن ہے۔ سیاسی قیادت کو ذاتی مفادات سے بالاتر ہو کر قومی مفاد میں فیصلے کرنے ہوں گے۔

حکومت نے عوام کی فلاح و بہبود کے لیے متعدد منصوبوں کا آغاز کیا ہے جن سے ملک کی ترقی کی رفتار تیز ہوگی۔ اس سلسلے میں تمام متعلقہ اداروں کو ہدایات جاری کر دی گئی ہیں کہ وہ اپنی کارکردگی بہتر بنائیں اور عوامی شکایات کا فوری ازالہ کریں۔ انہوں نے مزید کہا کہ ملک کو درپیش چیلنجز کا مقابلہ صرف قومی اتحاد اور یکجہتی سے ہی ممکن ہے۔ سیاسی قیادت کو ذاتی مفادات سے بالاتر ہو کر قومی مفاد میں فیصلے کرنے ہوں گے۔

25	پاکستان	بقیہ

پاکستان نے ہمیشہ عالمی امن کے لیے اپنا کردار ادا کیا ہے۔ اقوام متحدہ کے امن مشنز میں پاکستانی فوج کی خدمات قابل تحسین ہیں۔

حکومت نے عوام کی فلاح و بہبود کے لیے متعدد منصوبوں کا آغاز کیا ہے جن سے ملک کی ترقی کی رفتار تیز ہوگی۔ اس سلسلے میں تمام متعلقہ اداروں کو ہدایات جاری کر دی گئی ہیں کہ وہ اپنی کارکردگی بہتر بنائیں اور عوامی شکایات کا فوری ازالہ کریں۔ انہوں نے مزید کہا کہ ملک کو درپیش چیلنجز کا مقابلہ صرف قومی اتحاد اور یکجہتی سے ہی ممکن ہے۔ سیاسی قیادت کو ذاتی مفادات سے بالاتر ہو کر قومی مفاد میں فیصلے کرنے ہوں گے۔

26 وزیر قانون	بقیہ

وزیر قانون نے کہا کہ عدالتی اصلاحات کا عمل جاری ہے اور زیر التوا مقدمات کو جلد نمٹانے کے لیے اقدامات کیے جا رہے ہیں۔

حکومت نے عوام کی فلاح و بہبود کے لیے متعدد منصوبوں کا آغاز کیا ہے جن سے ملک کی ترقی کی رفتار تیز ہوگی۔ اس سلسلے میں تمام متعلقہ اداروں کو ہدایات جاری کر دی گئی ہیں کہ وہ اپنی کارکردگی بہتر بنائیں اور عوامی شکایات کا فوری ازالہ کریں۔ انہوں نے مزید کہا کہ ملک کو درپیش چیلنجز کا مقابلہ صرف قومی اتحاد اور یکجہتی سے ہی ممکن ہے۔ سیاسی قیادت کو ذاتی مفادات سے بالاتر ہو کر قومی مفاد میں فیصلے کرنے ہوں گے۔

27	مریم نواز	بقیہ

وزیراعلیٰ پنجاب نے کہا کہ صوبے میں کسانوں کو ریلیف دینے کے لیے 4200 روپے فی ایکڑ امداد دی جائے گی۔ کسان کارڈ کے ذریعے آسان قرضے فراہم کیے جائیں گے۔

حکومت نے عوام کی فلاح و بہبود کے لیے متعدد منصوبوں کا آغاز کیا ہے جن سے ملک کی ترقی کی رفتار تیز ہوگی۔ اس سلسلے میں تمام متعلقہ اداروں کو ہدایات جاری کر دی گئی ہیں کہ وہ اپنی کارکردگی بہتر بنائیں اور عوامی شکایات کا فوری ازالہ کریں۔ انہوں نے مزید کہا کہ ملک کو درپیش چیلنجز کا مقابلہ صرف قومی اتحاد اور یکجہتی سے ہی ممکن ہے۔ سیاسی قیادت کو ذاتی مفادات سے بالاتر ہو کر قومی مفاد میں فیصلے کرنے ہوں گے۔

28 تخت بھائی	بقیہ

مقامی انتظامیہ نے بازاروں میں تجاوزات کے خلاف آپریشن کیا۔ دکانداروں کو تنبیہ کی گئی کہ وہ حدود کا خیال رکھیں۔

حکومت نے عوام کی فلاح و بہبود کے لیے متعدد منصوبوں کا آغاز کیا ہے جن سے ملک کی ترقی کی رفتار تیز ہوگی۔ اس سلسلے میں تمام متعلقہ اداروں کو ہدایات جاری کر دی گئی ہیں کہ وہ اپنی کارکردگی بہتر بنائیں اور عوامی شکایات کا فوری ازالہ کریں۔ انہوں نے مزید کہا کہ ملک کو درپیش چیلنجز کا مقابلہ صرف قومی اتحاد اور یکجہتی سے ہی ممکن ہے۔ سیاسی قیادت کو ذاتی مفادات سے بالاتر ہو کر قومی مفاد میں فیصلے کرنے ہوں گے۔

29	خانزیب	بقیہ

ضلع بھر میں قیام امن کے لیے جرگہ منعقد ہوا جس میں عمائدین نے شرکت کی۔

حکومت نے عوام کی فلاح و بہبود کے لیے متعدد منصوبوں کا آغاز کیا ہے جن سے ملک کی ترقی کی رفتار تیز ہوگی۔ اس سلسلے میں تمام متعلقہ اداروں کو ہدایات جاری کر دی گئی ہیں کہ وہ اپنی کارکردگی بہتر بنائیں اور عوامی شکایات کا فوری ازالہ کریں۔ انہوں نے مزید کہا کہ ملک کو درپیش چیلنجز کا مقابلہ صرف قومی اتحاد اور یکجہتی سے ہی ممکن ہے۔ سیاسی قیادت کو ذاتی مفادات سے بالاتر ہو کر قومی مفاد میں فیصلے کرنے ہوں گے۔

30	مسترد	بقیہ

عدالت نے درخواست مسترد کرتے ہوئے ریمارکس دیے کہ قانون سب کے لیے برابر ہے۔

حکومت نے عوام کی فلاح و بہبود کے لیے متعدد منصوبوں کا آغاز کیا ہے جن سے ملک کی ترقی کی رفتار تیز ہوگی۔ اس سلسلے میں تمام متعلقہ اداروں کو ہدایات جاری کر دی گئی ہیں کہ وہ اپنی کارکردگی بہتر بنائیں اور عوامی شکایات کا فوری ازالہ کریں۔ انہوں نے مزید کہا کہ ملک کو درپیش چیلنجز کا مقابلہ صرف قومی اتحاد اور یکجہتی سے ہی ممکن ہے۔ سیاسی قیادت کو ذاتی مفادات سے بالاتر ہو کر قومی مفاد میں فیصلے کرنے ہوں گے۔

حکومت نے عوام کی فلاح و بہبود کے لیے متعدد منصوبوں کا آغاز کیا ہے جن سے ملک کی ترقی کی رفتار تیز ہوگی۔ اس سلسلے میں تمام متعلقہ اداروں کو ہدایات جاری کر دی گئی ہیں کہ وہ اپنی کارکردگی بہتر بنائیں اور عوامی شکایات کا فوری ازالہ کریں۔ انہوں نے مزید کہا کہ ملک کو درپیش چیلنجز کا مقابلہ صرف قومی اتحاد اور یکجہتی سے ہی ممکن ہے۔ سیاسی قیادت کو ذاتی مفادات سے بالاتر ہو کر قومی مفاد میں فیصلے کرنے ہوں گے۔

حکومت نے عوام کی فلاح و بہبود کے لیے متعدد منصوبوں کا آغاز کیا ہے جن سے ملک کی ترقی کی رفتار تیز ہوگی۔ اس سلسلے میں تمام متعلقہ اداروں کو ہدایات جاری کر دی گئی ہیں کہ وہ اپنی کارکردگی بہتر بنائیں اور عوامی شکایات کا فوری ازالہ کریں۔ انہوں نے مزید کہا کہ ملک کو درپیش چیلنجز کا مقابلہ صرف قومی اتحاد اور یکجہتی سے ہی ممکن ہے۔ سیاسی قیادت کو ذاتی مفادات سے بالاتر ہو کر قومی مفاد میں فیصلے کرنے ہوں گے۔

حکومت نے عوام کی فلاح و بہبود کے لیے متعدد منصوبوں کا آغاز کیا ہے جن سے ملک کی ترقی کی رفتار تیز ہوگی۔ اس سلسلے میں تمام متعلقہ اداروں کو ہدایات جاری کر دی گئی ہیں کہ وہ اپنی کارکردگی بہتر بنائیں اور عوامی شکایات کا فوری ازالہ کریں۔ انہوں نے مزید کہا کہ ملک کو درپیش چیلنجز کا مقابلہ صرف قومی اتحاد اور یکجہتی سے ہی ممکن ہے۔ سیاسی قیادت کو ذاتی مفادات سے بالاتر ہو کر قومی مفاد میں فیصلے کرنے ہوں گے۔

حکومت نے عوام کی فلاح و بہبود کے لیے متعدد منصوبوں کا آغاز کیا ہے جن سے ملک کی ترقی کی رفتار تیز ہوگی۔ اس سلسلے میں تمام متعلقہ اداروں کو ہدایات جاری کر دی گئی ہیں کہ وہ اپنی کارکردگی بہتر بنائیں اور عوامی شکایات کا فوری ازالہ کریں۔ انہوں نے مزید کہا کہ ملک کو درپیش چیلنجز کا مقابلہ صرف قومی اتحاد اور یکجہتی سے ہی ممکن ہے۔ سیاسی قیادت کو ذاتی مفادات سے بالاتر ہو کر قومی مفاد میں فیصلے کرنے ہوں گے۔

حکومت نے عوام کی فلاح و بہبود کے لیے متعدد منصوبوں کا آغاز کیا ہے جن سے ملک کی ترقی کی رفتار تیز ہوگی۔ اس سلسلے میں تمام متعلقہ اداروں کو ہدایات جاری کر دی گئی ہیں کہ وہ اپنی کارکردگی بہتر بنائیں اور عوامی شکایات کا فوری ازالہ کریں۔ انہوں نے مزید کہا کہ ملک کو درپیش چیلنجز کا مقابلہ صرف قومی اتحاد اور یکجہتی سے ہی ممکن ہے۔ سیاسی قیادت کو ذاتی مفادات سے بالاتر ہو کر قومی مفاد میں فیصلے کرنے ہوں گے۔

حکومت نے عوام کی فلاح و بہبود کے لیے متعدد منصوبوں کا آغاز کیا ہے جن سے ملک کی ترقی کی رفتار تیز ہوگی۔ اس سلسلے میں تمام متعلقہ اداروں کو ہدایات جاری کر دی گئی ہیں کہ وہ اپنی کارکردگی بہتر بنائیں اور عوامی شکایات کا فوری ازالہ کریں۔ انہوں نے مزید کہا کہ ملک کو درپیش چیلنجز کا مقابلہ صرف قومی اتحاد اور یکجہتی سے ہی ممکن ہے۔ سیاسی قیادت کو ذاتی مفادات سے بالاتر ہو کر قومی مفاد میں فیصلے کرنے ہوں گے۔

حکومت نے عوام کی فلاح و بہبود کے لیے متعدد منصوبوں کا آغاز کیا ہے جن سے ملک کی ترقی کی رفتار تیز ہوگی۔ اس سلسلے میں تمام متعلقہ اداروں کو ہدایات جاری کر دی گئی ہیں کہ وہ اپنی کارکردگی بہتر بنائیں اور عوامی شکایات کا فوری ازالہ کریں۔ انہوں نے مزید کہا کہ ملک کو درپیش چیلنجز کا مقابلہ صرف قومی اتحاد اور یکجہتی سے ہی ممکن ہے۔ سیاسی قیادت کو ذاتی مفادات سے بالاتر ہو کر قومی مفاد میں فیصلے کرنے ہوں گے۔

31	ڈی جی	بقیہ

ڈائریکٹر جنرل نے کہا کہ ادارے کی کارکردگی بہتر بنانے کے لیے جدید ٹیکنالوجی سے استفادہ کیا جا رہا ہے۔

حکومت نے عوام کی فلاح و بہبود کے لیے متعدد منصوبوں کا آغاز کیا ہے جن سے ملک کی ترقی کی رفتار تیز ہوگی۔ اس سلسلے میں تمام متعلقہ اداروں کو ہدایات جاری کر دی گئی ہیں کہ وہ اپنی کارکردگی بہتر بنائیں اور عوامی شکایات کا فوری ازالہ کریں۔ انہوں نے مزید کہا کہ ملک کو درپیش چیلنجز کا مقابلہ صرف قومی اتحاد اور یکجہتی سے ہی ممکن ہے۔ سیاسی قیادت کو ذاتی مفادات سے بالاتر ہو کر قومی مفاد میں فیصلے کرنے ہوں گے۔

32	حنیف عباسی
بقیہ

وفاقی وزیر ریلوے نے کہا کہ نئی ٹرینیں چلانے کا منصوبہ جلد شروع کیا جائے گا۔ مسافروں کو بہتر سہولیات فراہم کی جائیں گی۔

حکومت نے عوام کی فلاح و بہبود کے لیے متعدد منصوبوں کا آغاز کیا ہے جن سے ملک کی ترقی کی رفتار تیز ہوگی۔ اس سلسلے میں تمام متعلقہ اداروں کو ہدایات جاری کر دی گئی ہیں کہ وہ اپنی کارکردگی بہتر بنائیں اور عوامی شکایات کا فوری ازالہ کریں۔ انہوں نے مزید کہا کہ ملک کو درپیش چیلنجز کا مقابلہ صرف قومی اتحاد اور یکجہتی سے ہی ممکن ہے۔ سیاسی قیادت کو ذاتی مفادات سے بالاتر ہو کر قومی مفاد میں فیصلے کرنے ہوں گے۔

33	چیف جسٹس
بقیہ

چیف جسٹس نے کہا کہ انصاف کی فراہمی عدلیہ کی اولین ترجیح ہے۔ سائلین کو جلد انصاف فراہم کرنے کے لیے اقدامات کیے جا رہے ہیں۔

حکومت نے عوام کی فلاح و بہبود کے لیے متعدد منصوبوں کا آغاز کیا ہے جن سے ملک کی ترقی کی رفتار تیز ہوگی۔ اس سلسلے میں تمام متعلقہ اداروں کو ہدایات جاری کر دی گئی ہیں کہ وہ اپنی کارکردگی بہتر بنائیں اور عوامی شکایات کا فوری ازالہ کریں۔ انہوں نے مزید کہا کہ ملک کو درپیش چیلنجز کا مقابلہ صرف قومی اتحاد اور یکجہتی سے ہی ممکن ہے۔ سیاسی قیادت کو ذاتی مفادات سے بالاتر ہو کر قومی مفاد میں فیصلے کرنے ہوں گے۔

34	ایس ایچ او	بقیہ

تھانے کی حدود میں جرائم کی شرح میں کمی آئی ہے۔ پولیس گشت میں اضافہ کر دیا گیا ہے۔

حکومت نے عوام کی فلاح و بہبود کے لیے متعدد منصوبوں کا آغاز کیا ہے جن سے ملک کی ترقی کی رفتار تیز ہوگی۔ اس سلسلے میں تمام متعلقہ اداروں کو ہدایات جاری کر دی گئی ہیں کہ وہ اپنی کارکردگی بہتر بنائیں اور عوامی شکایات کا فوری ازالہ کریں۔ انہوں نے مزید کہا کہ ملک کو درپیش چیلنجز کا مقابلہ صرف قومی اتحاد اور یکجہتی سے ہی ممکن ہے۔ سیاسی قیادت کو ذاتی مفادات سے بالاتر ہو کر قومی مفاد میں فیصلے کرنے ہوں گے۔

35	علی خان	بقیہ

انہوں نے اپنی رہائش گاہ پر پریس کانفرنس سے خطاب کیا۔

حکومت نے عوام کی فلاح و بہبود کے لیے متعدد منصوبوں کا آغاز کیا ہے جن سے ملک کی ترقی کی رفتار تیز ہوگی۔ اس سلسلے میں تمام متعلقہ اداروں کو ہدایات جاری کر دی گئی ہیں کہ وہ اپنی کارکردگی بہتر بنائیں اور عوامی شکایات کا فوری ازالہ کریں۔ انہوں نے مزید کہا کہ ملک کو درپیش چیلنجز کا مقابلہ صرف قومی اتحاد اور یکجہتی سے ہی ممکن ہے۔ سیاسی قیادت کو ذاتی مفادات سے بالاتر ہو کر قومی مفاد میں فیصلے کرنے ہوں گے۔

36	سکینڈل	بقیہ

تحقیقاتی ٹیم نے 13 افراد کو شامل تفتیش کر لیا ہے اور مزید انکشافات متوقع ہیں۔

حکومت نے عوام کی فلاح و بہبود کے لیے متعدد منصوبوں کا آغاز کیا ہے جن سے ملک کی ترقی کی رفتار تیز ہوگی۔ اس سلسلے میں تمام متعلقہ اداروں کو ہدایات جاری کر دی گئی ہیں کہ وہ اپنی کارکردگی بہتر بنائیں اور عوامی شکایات کا فوری ازالہ کریں۔ انہوں نے مزید کہا کہ ملک کو درپیش چیلنجز کا مقابلہ صرف قومی اتحاد اور یکجہتی سے ہی ممکن ہے۔ سیاسی قیادت کو ذاتی مفادات سے بالاتر ہو کر قومی مفاد میں فیصلے کرنے ہوں گے۔

37	اتفاق	بقیہ

تمام جماعتوں نے قومی مفاد میں مشترکہ لائحہ عمل اختیار کرنے پر اتفاق کیا۔

حکومت نے عوام کی فلاح و بہبود کے لیے متعدد منصوبوں کا آغاز کیا ہے جن سے ملک کی ترقی کی رفتار تیز ہوگی۔ اس سلسلے میں تمام متعلقہ اداروں کو ہدایات جاری کر دی گئی ہیں کہ وہ اپنی کارکردگی بہتر بنائیں اور عوامی شکایات کا فوری ازالہ کریں۔ انہوں نے مزید کہا کہ ملک کو درپیش چیلنجز کا مقابلہ صرف قومی اتحاد اور یکجہتی سے ہی ممکن ہے۔ سیاسی قیادت کو ذاتی مفادات سے بالاتر ہو کر قومی مفاد میں فیصلے کرنے ہوں گے۔

38	عرفان صدیقی
بقیہ

سینیٹر نے کہا کہ پارلیمنٹ کی بالادستی پر کوئی سمجھوتہ نہیں ہوگا۔

حکومت نے عوام کی فلاح و بہبود کے لیے متعدد منصوبوں کا آغاز کیا ہے جن سے ملک کی ترقی کی رفتار تیز ہوگی۔ اس سلسلے میں تمام متعلقہ اداروں کو ہدایات جاری کر دی گئی ہیں کہ وہ اپنی کارکردگی بہتر بنائیں اور عوامی شکایات کا فوری ازالہ کریں۔ انہوں نے مزید کہا کہ ملک کو درپیش چیلنجز کا مقابلہ صرف قومی اتحاد اور یکجہتی سے ہی ممکن ہے۔ سیاسی قیادت کو ذاتی مفادات سے بالاتر ہو کر قومی مفاد میں فیصلے کرنے ہوں گے۔

حکومت نے عوام کی فلاح و بہبود کے لیے متعدد منصوبوں کا آغاز کیا ہے جن سے ملک کی ترقی کی رفتار تیز ہوگی۔ اس سلسلے میں تمام متعلقہ اداروں کو ہدایات جاری کر دی گئی ہیں کہ وہ اپنی کارکردگی بہتر بنائیں اور عوامی شکایات کا فوری ازالہ کریں۔ انہوں نے مزید کہا کہ ملک کو درپیش چیلنجز کا مقابلہ صرف قومی اتحاد اور یکجہتی سے ہی ممکن ہے۔ سیاسی قیادت کو ذاتی مفادات سے بالاتر ہو کر قومی مفاد میں فیصلے کرنے ہوں گے۔

حکومت نے عوام کی فلاح و بہبود کے لیے متعدد منصوبوں کا آغاز کیا ہے جن سے ملک کی ترقی کی رفتار تیز ہوگی۔ اس سلسلے میں تمام متعلقہ اداروں کو ہدایات جاری کر دی گئی ہیں کہ وہ اپنی کارکردگی بہتر بنائیں اور عوامی شکایات کا فوری ازالہ کریں۔ انہوں نے مزید کہا کہ ملک کو درپیش چیلنجز کا مقابلہ صرف قومی اتحاد اور یکجہتی سے ہی ممکن ہے۔ سیاسی قیادت کو ذاتی مفادات سے بالاتر ہو کر قومی مفاد میں فیصلے کرنے ہوں گے۔

حکومت نے عوام کی فلاح و بہبود کے لیے متعدد منصوبوں کا آغاز کیا ہے جن سے ملک کی ترقی کی رفتار تیز ہوگی۔ اس سلسلے میں تمام متعلقہ اداروں کو ہدایات جاری کر دی گئی ہیں کہ وہ اپنی کارکردگی بہتر بنائیں اور عوامی شکایات کا فوری ازالہ کریں۔ انہوں نے مزید کہا کہ ملک کو درپیش چیلنجز کا مقابلہ صرف قومی اتحاد اور یکجہتی سے ہی ممکن ہے۔ سیاسی قیادت کو ذاتی مفادات سے بالاتر ہو کر قومی مفاد میں فیصلے کرنے ہوں گے۔

حکومت نے عوام کی فلاح و بہبود کے لیے متعدد منصوبوں کا آغاز کیا ہے جن سے ملک کی ترقی کی رفتار تیز ہوگی۔ اس سلسلے میں تمام متعلقہ اداروں کو ہدایات جاری کر دی گئی ہیں کہ وہ اپنی کارکردگی بہتر بنائیں اور عوامی شکایات کا فوری ازالہ کریں۔ انہوں نے مزید کہا کہ ملک کو درپیش چیلنجز کا مقابلہ صرف قومی اتحاد اور یکجہتی سے ہی ممکن ہے۔ سیاسی قیادت کو ذاتی مفادات سے بالاتر ہو کر قومی مفاد میں فیصلے کرنے ہوں گے۔

حکومت نے عوام کی فلاح و بہبود کے لیے متعدد منصوبوں کا آغاز کیا ہے جن سے ملک کی ترقی کی رفتار تیز ہوگی۔ اس سلسلے میں تمام متعلقہ اداروں کو ہدایات جاری کر دی گئی ہیں کہ وہ اپنی کارکردگی بہتر بنائیں اور عوامی شکایات کا فوری ازالہ کریں۔ انہوں نے مزید کہا کہ ملک کو درپیش چیلنجز کا مقابلہ صرف قومی اتحاد اور یکجہتی سے ہی ممکن ہے۔ سیاسی قیادت کو ذاتی مفادات سے بالاتر ہو کر قومی مفاد میں فیصلے کرنے ہوں گے۔

حکومت نے عوام کی فلاح و بہبود کے لیے متعدد منصوبوں کا آغاز کیا ہے جن سے ملک کی ترقی کی رفتار تیز ہوگی۔ اس سلسلے میں تمام متعلقہ اداروں کو ہدایات جاری کر دی گئی ہیں کہ وہ اپنی کارکردگی بہتر بنائیں اور عوامی شکایات کا فوری ازالہ کریں۔ انہوں نے مزید کہا کہ ملک کو درپیش چیلنجز کا مقابلہ صرف قومی اتحاد اور یکجہتی سے ہی ممکن ہے۔ سیاسی قیادت کو ذاتی مفادات سے بالاتر ہو کر قومی مفاد میں فیصلے کرنے ہوں گے۔

حکومت نے عوام کی فلاح و بہبود کے لیے متعدد منصوبوں کا آغاز کیا ہے جن سے ملک کی ترقی کی رفتار تیز ہوگی۔ اس سلسلے میں تمام متعلقہ اداروں کو ہدایات جاری کر دی گئی ہیں کہ وہ اپنی کارکردگی بہتر بنائیں اور عوامی شکایات کا فوری ازالہ کریں۔ انہوں نے مزید کہا کہ ملک کو درپیش چیلنجز کا مقابلہ صرف قومی اتحاد اور یکجہتی سے ہی ممکن ہے۔ سیاسی قیادت کو ذاتی مفادات سے بالاتر ہو کر قومی مفاد میں فیصلے کرنے ہوں گے۔

حکومت نے عوام کی فلاح و بہبود کے لیے متعدد منصوبوں کا آغاز کیا ہے جن سے ملک کی ترقی کی رفتار تیز ہوگی۔ اس سلسلے میں تمام متعلقہ اداروں کو ہدایات جاری کر دی گئی ہیں کہ وہ اپنی کارکردگی بہتر بنائیں اور عوامی شکایات کا فوری ازالہ کریں۔ انہوں نے مزید کہا کہ ملک کو درپیش چیلنجز کا مقابلہ صرف قومی اتحاد اور یکجہتی سے ہی ممکن ہے۔ سیاسی قیادت کو ذاتی مفادات سے بالاتر ہو کر قومی مفاد میں فیصلے کرنے ہوں گے۔

حکومت نے عوام کی فلاح و بہبود کے لیے متعدد منصوبوں کا آغاز کیا ہے جن سے ملک کی ترقی کی رفتار تیز ہوگی۔ اس سلسلے میں تمام متعلقہ اداروں کو ہدایات جاری کر دی گئی ہیں کہ وہ اپنی کارکردگی بہتر بنائیں اور عوامی شکایات کا فوری ازالہ کریں۔ انہوں نے مزید کہا کہ ملک کو درپیش چیلنجز کا مقابلہ صرف قومی اتحاد اور یکجہتی سے ہی ممکن ہے۔ سیاسی قیادت کو ذاتی مفادات سے بالاتر ہو کر قومی مفاد میں فیصلے کرنے ہوں گے۔

39	آپریشن سندور
بقیہ

پاکستان کی مسلح افواج نے دشمن کے ہر وار کا بھرپور جواب دیا۔ قوم اپنی افواج کے ساتھ کھڑی ہے۔ عالمی برادری نے پاکستان کے مؤقف کو تسلیم کیا ہے۔

حکومت نے عوام کی فلاح و بہبود کے لیے متعدد منصوبوں کا آغاز کیا ہے جن سے ملک کی ترقی کی رفتار تیز ہوگی۔ اس سلسلے میں تمام متعلقہ اداروں کو ہدایات جاری کر دی گئی ہیں کہ وہ اپنی کارکردگی بہتر بنائیں اور عوامی شکایات کا فوری ازالہ کریں۔ انہوں نے مزید کہا کہ ملک کو درپیش چیلنجز کا مقابلہ صرف قومی اتحاد اور یکجہتی سے ہی ممکن ہے۔ سیاسی قیادت کو ذاتی مفادات سے بالاتر ہو کر قومی مفاد میں فیصلے کرنے ہوں گے۔

40 افغان جنرل	بقیہ

افغان حکام نے سرحدی امور پر بات چیت کے لیے وفد بھیجنے کا اعلان کیا ہے۔ دونوں ممالک کے درمیان تجارت کی بحالی پر بھی غور کیا جائے گا۔

حکومت نے عوام کی فلاح و بہبود کے لیے متعدد منصوبوں کا آغاز کیا ہے جن سے ملک کی ترقی کی رفتار تیز ہوگی۔ اس سلسلے میں تمام متعلقہ اداروں کو ہدایات جاری کر دی گئی ہیں کہ وہ اپنی کارکردگی بہتر بنائیں اور عوامی شکایات کا فوری ازالہ کریں۔ انہوں نے مزید کہا کہ ملک کو درپیش چیلنجز کا مقابلہ صرف قومی اتحاد اور یکجہتی سے ہی ممکن ہے۔ سیاسی قیادت کو ذاتی مفادات سے بالاتر ہو کر قومی مفاد میں فیصلے کرنے ہوں گے۔

41	جمائمہ	بقیہ

انہوں نے سوشل میڈیا پر اپنے پیغام میں کہا کہ وہ قانونی جنگ جاری رکھیں گی۔

حکومت نے عوام کی فلاح و بہبود کے لیے متعدد منصوبوں کا آغاز کیا ہے جن سے ملک کی ترقی کی رفتار تیز ہوگی۔ اس سلسلے میں تمام متعلقہ اداروں کو ہدایات جاری کر دی گئی ہیں کہ وہ اپنی کارکردگی بہتر بنائیں اور عوامی شکایات کا فوری ازالہ کریں۔ انہوں نے مزید کہا کہ ملک کو درپیش چیلنجز کا مقابلہ صرف قومی اتحاد اور یکجہتی سے ہی ممکن ہے۔ سیاسی قیادت کو ذاتی مفادات سے بالاتر ہو کر قومی مفاد میں فیصلے کرنے ہوں گے۔

42	کوئٹہ کانفرنس
بقیہ

کانفرنس میں صوبے کی ترقی کے لیے مختلف تجاویز پیش کی گئیں۔ شرکاء نے تعلیم، صحت اور روزگار کے مواقع بڑھانے پر زور دیا۔

حکومت نے عوام کی فلاح و بہبود کے لیے متعدد منصوبوں کا آغاز کیا ہے جن سے ملک کی ترقی کی رفتار تیز ہوگی۔ اس سلسلے میں تمام متعلقہ اداروں کو ہدایات جاری کر دی گئی ہیں کہ وہ اپنی کارکردگی بہتر بنائیں اور عوامی شکایات کا فوری ازالہ کریں۔ انہوں نے مزید کہا کہ ملک کو درپیش چیلنجز کا مقابلہ صرف قومی اتحاد اور یکجہتی سے ہی ممکن ہے۔ سیاسی قیادت کو ذاتی مفادات سے بالاتر ہو کر قومی مفاد میں فیصلے کرنے ہوں گے۔

حکومت نے عوام کی فلاح و بہبود کے لیے متعدد منصوبوں کا آغاز کیا ہے جن سے ملک کی ترقی کی رفتار تیز ہوگی۔ اس سلسلے میں تمام متعلقہ اداروں کو ہدایات جاری کر دی گئی ہیں کہ وہ اپنی کارکردگی بہتر بنائیں اور عوامی شکایات کا فوری ازالہ کریں۔ انہوں نے مزید کہا کہ ملک کو درپیش چیلنجز کا مقابلہ صرف قومی اتحاد اور یکجہتی سے ہی ممکن ہے۔ سیاسی قیادت کو ذاتی مفادات سے بالاتر ہو کر قومی مفاد میں فیصلے کرنے ہوں گے۔

حکومت نے عوام کی فلاح و بہبود کے لیے متعدد منصوبوں کا آغاز کیا ہے جن سے ملک کی ترقی کی رفتار تیز ہوگی۔ اس سلسلے میں تمام متعلقہ اداروں کو ہدایات جاری کر دی گئی ہیں کہ وہ اپنی کارکردگی بہتر بنائیں اور عوامی شکایات کا فوری ازالہ کریں۔ انہوں نے مزید کہا کہ ملک کو درپیش چیلنجز کا مقابلہ صرف قومی اتحاد اور یکجہتی سے ہی ممکن ہے۔ سیاسی قیادت کو ذاتی مفادات سے بالاتر ہو کر قومی مفاد میں فیصلے کرنے ہوں گے۔

حکومت نے عوام کی فلاح و بہبود کے لیے متعدد منصوبوں کا آغاز کیا ہے جن سے ملک کی ترقی کی رفتار تیز ہوگی۔ اس سلسلے میں تمام متعلقہ اداروں کو ہدایات جاری کر دی گئی ہیں کہ وہ اپنی کارکردگی بہتر بنائیں اور عوامی شکایات کا فوری ازالہ کریں۔ انہوں نے مزید کہا کہ ملک کو درپیش چیلنجز کا مقابلہ صرف قومی اتحاد اور یکجہتی سے ہی ممکن ہے۔ سیاسی قیادت کو ذاتی مفادات سے بالاتر ہو کر قومی مفاد میں فیصلے کرنے ہوں گے۔

حکومت نے عوام کی فلاح و بہبود کے لیے متعدد منصوبوں کا آغاز کیا ہے جن سے ملک کی ترقی کی رفتار تیز ہوگی۔ اس سلسلے میں تمام متعلقہ اداروں کو ہدایات جاری کر دی گئی ہیں کہ وہ اپنی کارکردگی بہتر بنائیں اور عوامی شکایات کا فوری ازالہ کریں۔ انہوں نے مزید کہا کہ ملک کو درپیش چیلنجز کا مقابلہ صرف قومی اتحاد اور یکجہتی سے ہی ممکن ہے۔ سیاسی قیادت کو ذاتی مفادات سے بالاتر ہو کر قومی مفاد میں فیصلے کرنے ہوں گے۔

حکومت نے عوام کی فلاح و بہبود کے لیے متعدد منصوبوں کا آغاز کیا ہے جن سے ملک کی ترقی کی رفتار تیز ہوگی۔ اس سلسلے میں تمام متعلقہ اداروں کو ہدایات جاری کر دی گئی ہیں کہ وہ اپنی کارکردگی بہتر بنائیں اور عوامی شکایات کا فوری ازالہ کریں۔ انہوں نے مزید کہا کہ ملک کو درپیش چیلنجز کا مقابلہ صرف قومی اتحاد اور یکجہتی سے ہی ممکن ہے۔ سیاسی قیادت کو ذاتی مفادات سے بالاتر ہو کر قومی مفاد میں فیصلے کرنے ہوں گے۔

حکومت نے عوام کی فلاح و بہبود کے لیے متعدد منصوبوں کا آغاز کیا ہے جن سے ملک کی ترقی کی رفتار تیز ہوگی۔ اس سلسلے میں تمام متعلقہ اداروں کو ہدایات جاری کر دی گئی ہیں کہ وہ اپنی کارکردگی بہتر بنائیں اور عوامی شکایات کا فوری ازالہ کریں۔ انہوں نے مزید کہا کہ ملک کو درپیش چیلنجز کا مقابلہ صرف قومی اتحاد اور یکجہتی سے ہی ممکن ہے۔ سیاسی قیادت کو ذاتی مفادات سے بالاتر ہو کر قومی مفاد میں فیصلے کرنے ہوں گے۔
